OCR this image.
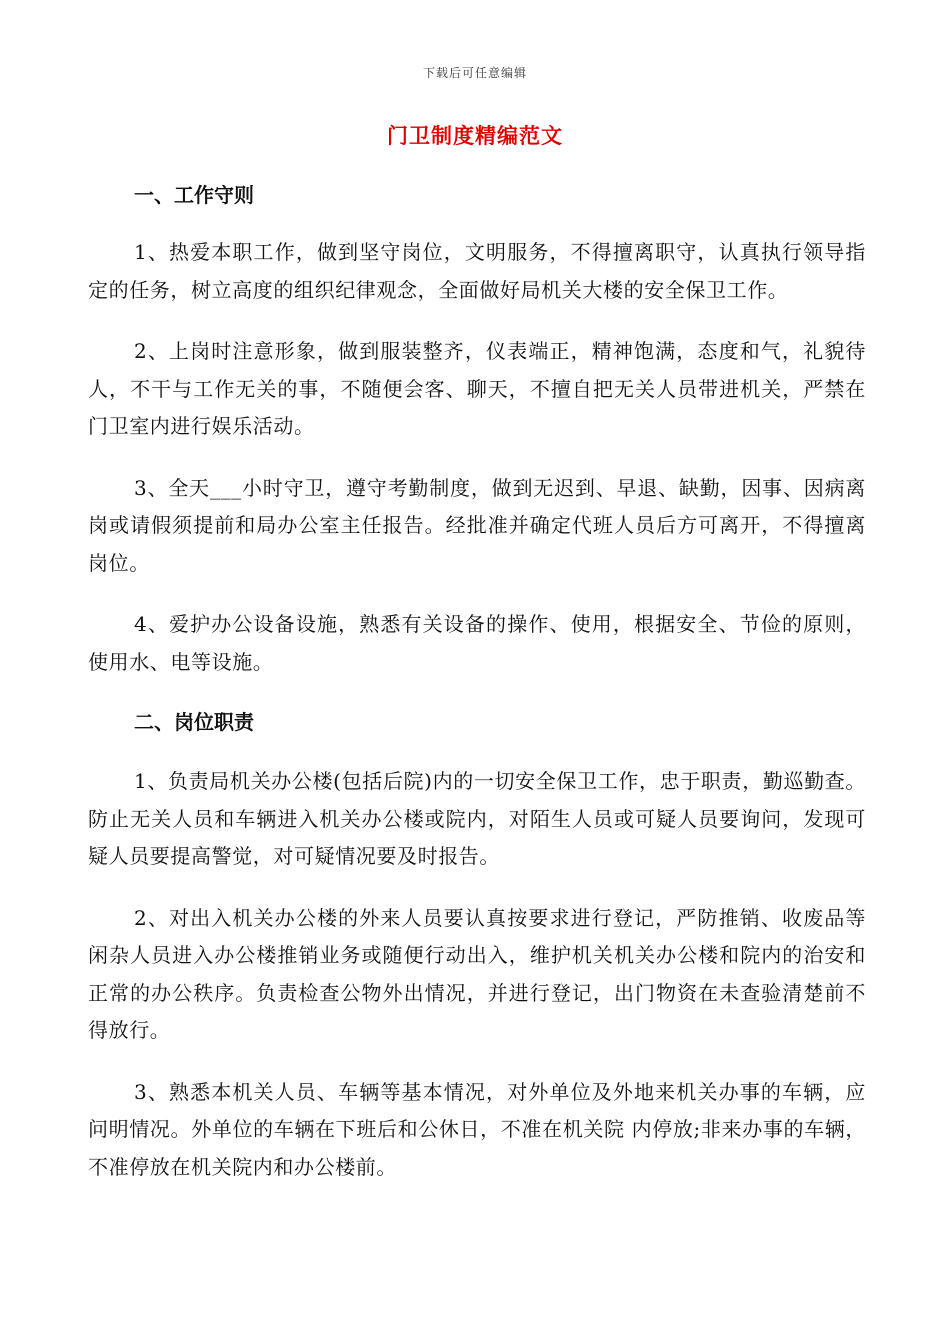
下载后可任意编辑
门卫制度精编范文
一、工作守则

1、热爱本职工作，做到坚守岗位，文明服务，不得擅离职守，认真执行领导指定的任务，树立高度的组织纪律观念，全面做好局机关大楼的安全保卫工作。

2、上岗时注意形象，做到服装整齐，仪表端正，精神饱满，态度和气，礼貌待人，不干与工作无关的事，不随便会客、聊天，不擅自把无关人员带进机关，严禁在门卫室内进行娱乐活动。

3、全天___小时守卫，遵守考勤制度，做到无迟到、早退、缺勤，因事、因病离岗或请假须提前和局办公室主任报告。经批准并确定代班人员后方可离开，不得擅离岗位。

4、爱护办公设备设施，熟悉有关设备的操作、使用，根据安全、节俭的原则，使用水、电等设施。

二、岗位职责

1、负责局机关办公楼(包括后院)内的一切安全保卫工作，忠于职责，勤巡勤查。防止无关人员和车辆进入机关办公楼或院内，对陌生人员或可疑人员要询问，发现可疑人员要提高警觉，对可疑情况要及时报告。

2、对出入机关办公楼的外来人员要认真按要求进行登记，严防推销、收废品等闲杂人员进入办公楼推销业务或随便行动出入，维护机关机关办公楼和院内的治安和正常的办公秩序。负责检查公物外出情况，并进行登记，出门物资在未查验清楚前不得放行。

3、熟悉本机关人员、车辆等基本情况，对外单位及外地来机关办事的车辆，应问明情况。外单位的车辆在下班后和公休日，不准在机关院 内停放;非来办事的车辆，不准停放在机关院内和办公楼前。
